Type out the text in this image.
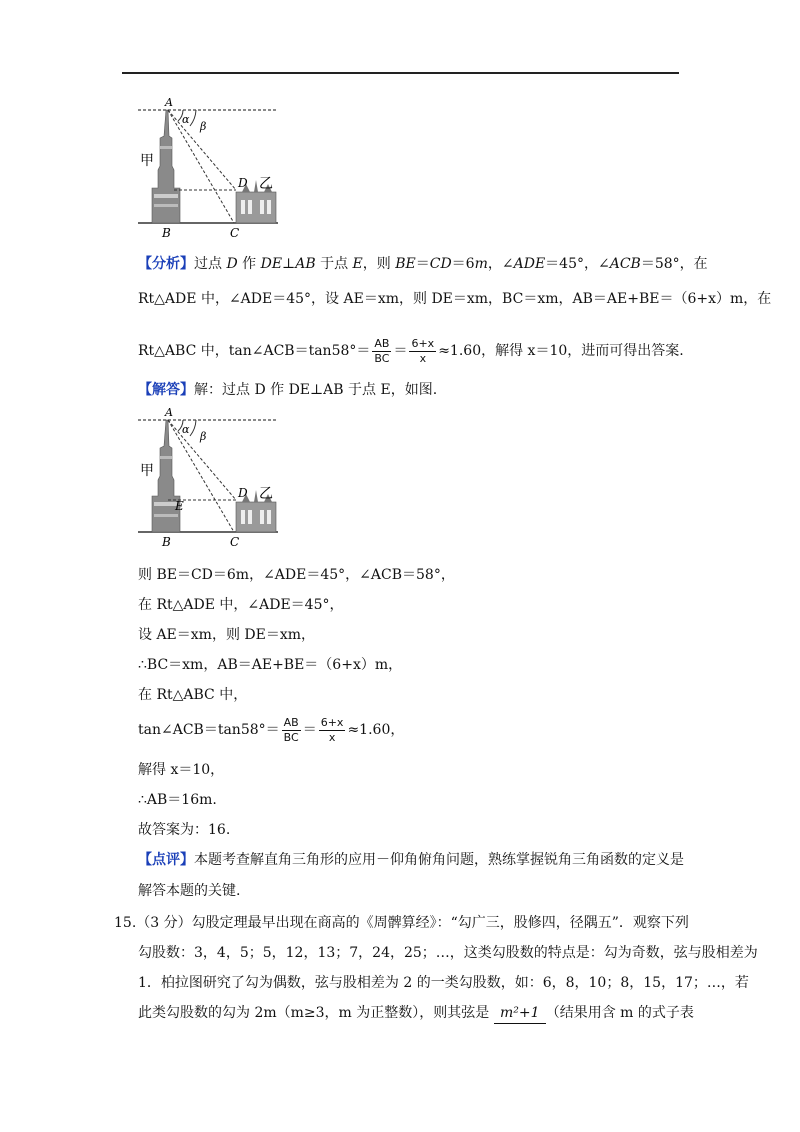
A
α
β
甲
D 乙
B	C
【分析】过点 D 作 DE⊥AB 于点 E，则 BE＝CD＝6m，∠ADE＝45°，∠ACB＝58°，在
Rt△ADE 中，∠ADE＝45°，设 AE＝xm，则 DE＝xm，BC＝xm，AB＝AE+BE＝（6+x）m，在
Rt△ABC 中，tan∠ACB＝tan58°＝ $\frac{AB}{BC} = \frac{6+x}{x} \approx 1.60$，解得 x＝10，进而可得出答案.
【解答】解：过点 D 作 DE⊥AB 于点 E，如图.
A
α
β
甲
D 乙
E
B	C
则 BE＝CD＝6m，∠ADE＝45°，∠ACB＝58°，
在 Rt△ADE 中，∠ADE＝45°，
设 AE＝xm，则 DE＝xm，
∴BC＝xm，AB＝AE+BE＝（6+x）m，
在 Rt△ABC 中，
tan∠ACB＝tan58°＝ $\frac{AB}{BC} = \frac{6+x}{x} \approx 1.60$，
解得 x＝10，
∴AB＝16m.
故答案为：16.
【点评】本题考查解直角三角形的应用－仰角俯角问题，熟练掌握锐角三角函数的定义是
解答本题的关键.
15.（3 分）勾股定理最早出现在商高的《周髀算经》：“勾广三，股修四，径隅五”．观察下列
勾股数：3，4，5；5，12，13；7，24，25；…，这类勾股数的特点是：勾为奇数，弦与股相差为
1．柏拉图研究了勾为偶数，弦与股相差为 2 的一类勾股数，如：6，8，10；8，15，17；…，若
此类勾股数的勾为 2m（m≥3，m 为正整数），则其弦是 m²+1 （结果用含 m 的式子表
